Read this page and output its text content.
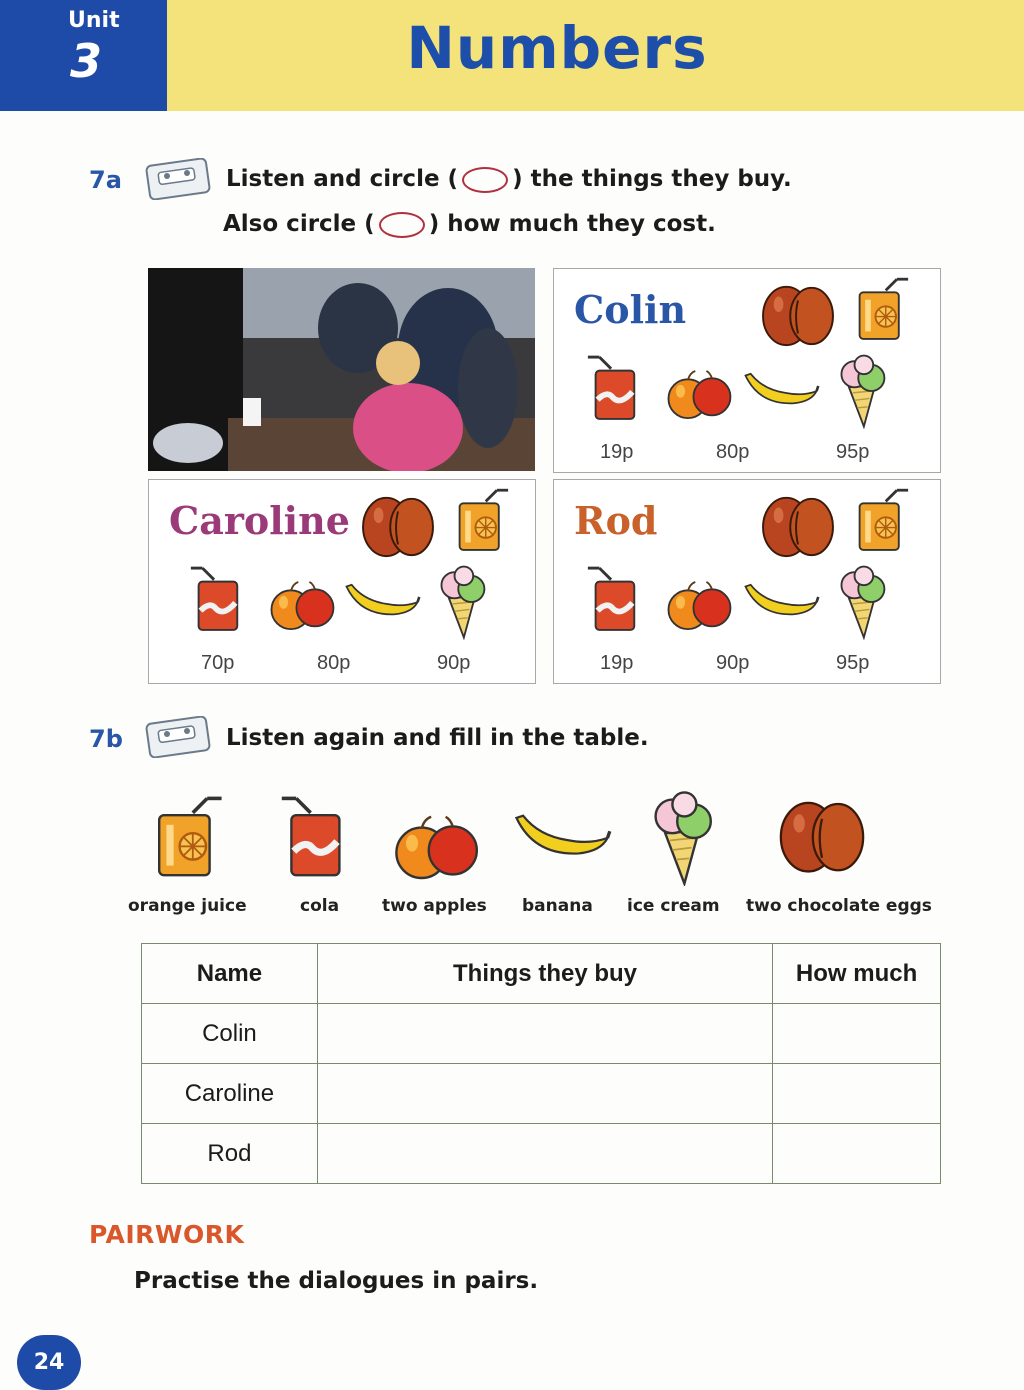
Unit
3	Numbers
7a	Listen and circle ( ) the things they buy.
Also circle ( ) how much they cost.
Colin
19p	80p	95p
Caroline
70p	80p	90p
Rod
19p	90p	95p
7b	Listen again and fill in the table.
orange juice	cola	two apples banana ice cream two chocolate eggs
Name	Things they buy	How much
Colin		
Caroline		
Rod		
PAIRWORK
Practise the dialogues in pairs.
24
